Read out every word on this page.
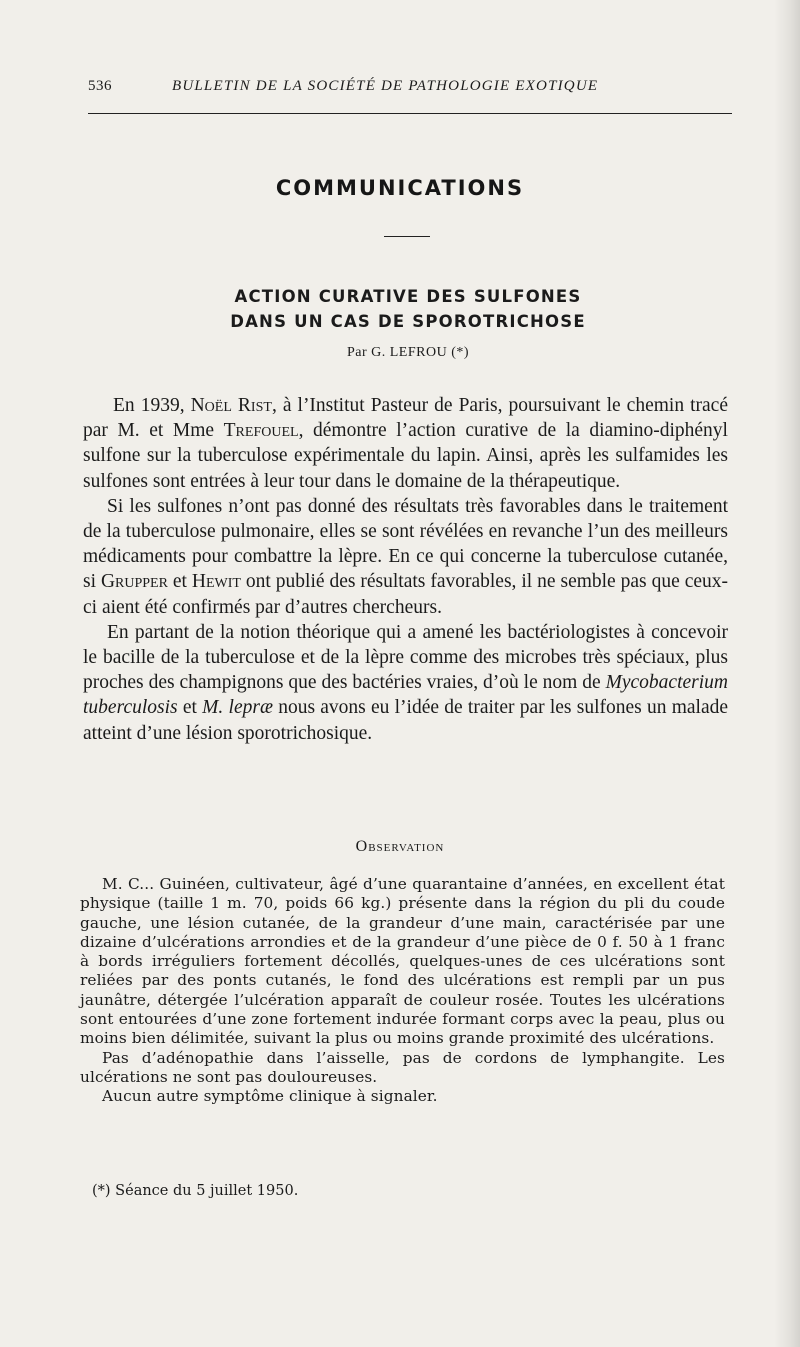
536	BULLETIN DE LA SOCIÉTÉ DE PATHOLOGIE EXOTIQUE
COMMUNICATIONS
ACTION CURATIVE DES SULFONES
DANS UN CAS DE SPOROTRICHOSE
Par G. LEFROU (*)

En 1939, Noël Rist, à l’Institut Pasteur de Paris, poursuivant le chemin tracé par M. et Mme Trefouel, démontre l’action curative de la diamino-diphényl sulfone sur la tuberculose expérimentale du lapin. Ainsi, après les sulfamides les sulfones sont entrées à leur tour dans le domaine de la thérapeutique.

Si les sulfones n’ont pas donné des résultats très favorables dans le traitement de la tuberculose pulmonaire, elles se sont révélées en revanche l’un des meilleurs médicaments pour combattre la lèpre. En ce qui concerne la tuberculose cutanée, si Grupper et Hewit ont publié des résultats favorables, il ne semble pas que ceux-ci aient été confirmés par d’autres chercheurs.

En partant de la notion théorique qui a amené les bactériologistes à concevoir le bacille de la tuberculose et de la lèpre comme des microbes très spéciaux, plus proches des champignons que des bactéries vraies, d’où le nom de Mycobacterium tuberculosis et M. lepræ nous avons eu l’idée de traiter par les sulfones un malade atteint d’une lésion sporotrichosique.

Observation

M. C... Guinéen, cultivateur, âgé d’une quarantaine d’années, en excellent état physique (taille 1 m. 70, poids 66 kg.) présente dans la région du pli du coude gauche, une lésion cutanée, de la grandeur d’une main, caractérisée par une dizaine d’ulcérations arrondies et de la grandeur d’une pièce de 0 f. 50 à 1 franc à bords irréguliers fortement décollés, quelques-unes de ces ulcérations sont reliées par des ponts cutanés, le fond des ulcérations est rempli par un pus jaunâtre, détergée l’ulcération apparaît de couleur rosée. Toutes les ulcérations sont entourées d’une zone fortement indurée formant corps avec la peau, plus ou moins bien délimitée, suivant la plus ou moins grande proximité des ulcérations.

Pas d’adénopathie dans l’aisselle, pas de cordons de lymphangite. Les ulcérations ne sont pas douloureuses.

Aucun autre symptôme clinique à signaler.

(*) Séance du 5 juillet 1950.
